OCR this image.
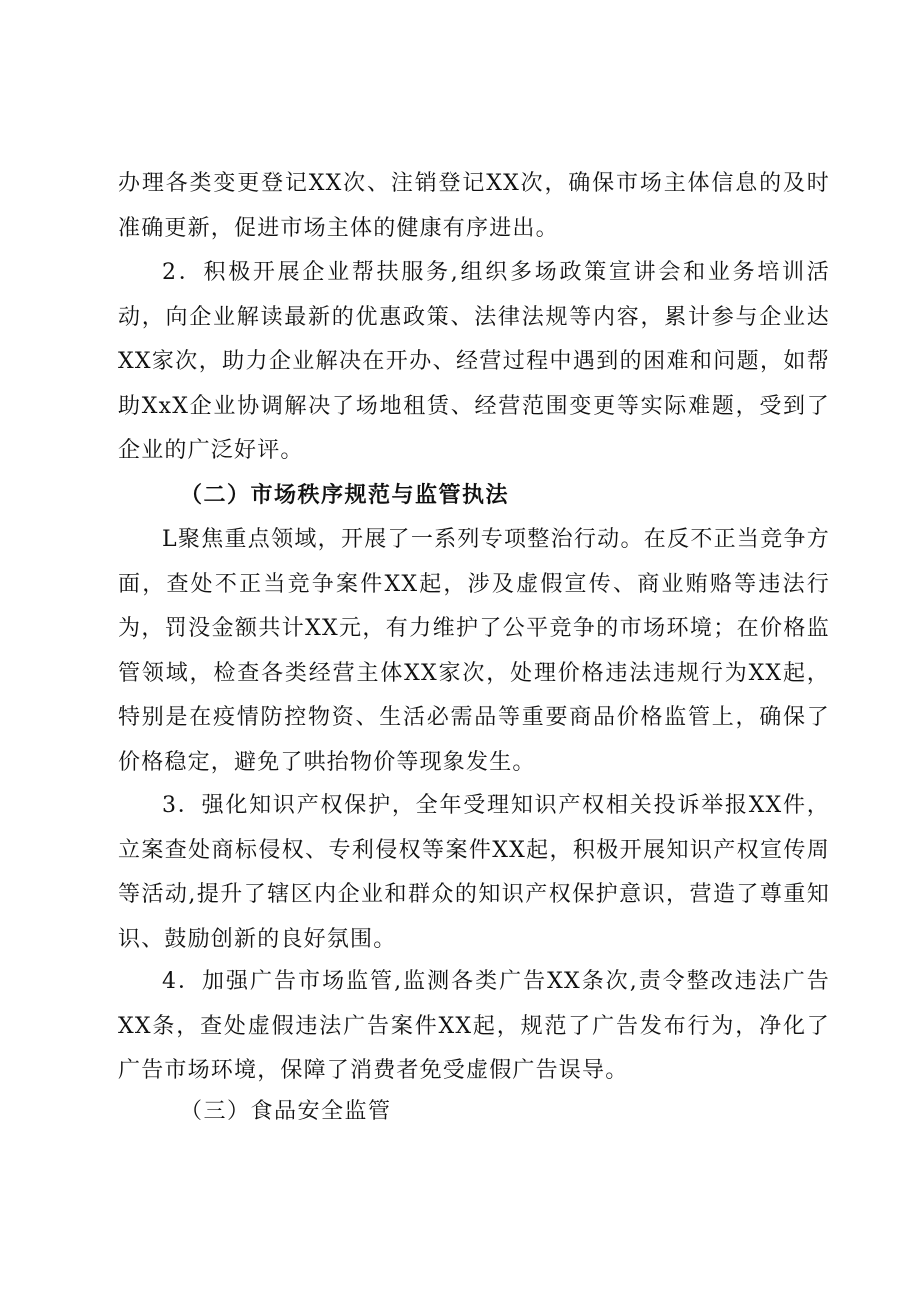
办理各类变更登记XX次、注销登记XX次，确保市场主体信息的及时准确更新，促进市场主体的健康有序进出。

2．积极开展企业帮扶服务,组织多场政策宣讲会和业务培训活动，向企业解读最新的优惠政策、法律法规等内容，累计参与企业达XX家次，助力企业解决在开办、经营过程中遇到的困难和问题，如帮助XxX企业协调解决了场地租赁、经营范围变更等实际难题，受到了企业的广泛好评。

（二）市场秩序规范与监管执法

L聚焦重点领域，开展了一系列专项整治行动。在反不正当竞争方面，查处不正当竞争案件XX起，涉及虚假宣传、商业贿赂等违法行为，罚没金额共计XX元，有力维护了公平竞争的市场环境；在价格监管领域，检查各类经营主体XX家次，处理价格违法违规行为XX起，特别是在疫情防控物资、生活必需品等重要商品价格监管上，确保了价格稳定，避免了哄抬物价等现象发生。

3．强化知识产权保护，全年受理知识产权相关投诉举报XX件，立案查处商标侵权、专利侵权等案件XX起，积极开展知识产权宣传周等活动,提升了辖区内企业和群众的知识产权保护意识，营造了尊重知识、鼓励创新的良好氛围。

4．加强广告市场监管,监测各类广告XX条次,责令整改违法广告XX条，查处虚假违法广告案件XX起，规范了广告发布行为，净化了广告市场环境，保障了消费者免受虚假广告误导。

（三）食品安全监管
